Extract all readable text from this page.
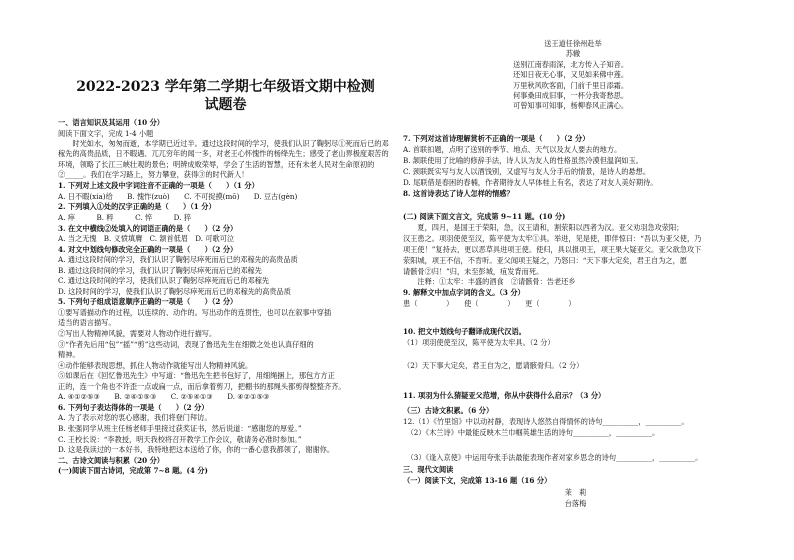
2022-2023 学年第二学期七年级语文期中检测
试题卷
一、语言知识及其运用（10 分）
阅读下面文字，完成 1-4 小题
　　时光如水，匆匆而逝，本学期已近过半。通过这段时间的学习，使我们认识了鞠躬尽①死而后已的邓稼先的高贵品质，日不暇遇、兀兀穷年的闻一多，对老王心怀愧怍的杨绛先生；感受了老山界极度艰苦的环境，领略了长江三峡壮观的景色；明辨成败荣辱，学会了生活的智慧，还有未老人民对生命原初的②_____。我们在学习路上，努力攀登，获得③的时代新人！
1. 下列对上述文段中字词注音不正确的一项是（　　）（1 分）
A. 日不暇(xia)给　　B. 愧怍(zuò)　　C. 不可捉摸(mō)　　D. 豆古(gèn)
2. 下列填入①处的汉字正确的是（　　）（1 分）
A. 瘁　　　B. 粹　　　C. 悴　　　D. 猝
3. 在文中横线②处填入的词语正确的是（　　）（2 分）
A. 当之无愧　B. 义愤填膺　C. 颔首低眉　D. 可歌可泣
4. 对文中划线句修改完全正确的一项是（　　）（2 分）
A. 通过这段时间的学习，我们认识了鞠躬尽瘁死而后已的邓稼先的高贵品质
B. 通过这段时间的学习，我们认识了鞠躬尽瘁死而后已的邓稼先
C. 通过这段时间的学习，使我们认识了鞠躬尽瘁死而后已的邓稼先
D. 这段时间的学习，使我们认识了鞠躬尽瘁死而后已的邓稼先的高贵品质
5. 下列句子组成语意顺序正确的一项是（　　）（2 分）
①要写谱描动作的过程，以连续的、动作的。写出动作的连贯性，也可以在叙事中穿插
适当的语言描写。
②写出人物精神风貌，需要对人物动作进行描写。
③“作者先后用“包”“摇”“剪”这些动词，表现了鲁迅先生在细微之处也认真仔细的
精神。
④动作能够表现思想，抓住人物动作就能写出人物精神风貌。
⑤如课后在《回忆鲁迅先生》中写道：“鲁迅先生把书包好了，用细绳捆上，那包方方正
正的，连一个角也不许歪一点或扁一点，而后拿着剪刀，把棚书的那绳头都剪得整整齐齐。
A. ④①②⑤③　　B. ②④①⑤③　　C. ②⑤④①③　　D. ④②①⑤③
6. 下列句子表达得体的一项是（　　）（2 分）
A. 为了表示对您的衷心感谢，我们将登门拜访。
B. 张强同学从班主任杨老师手里接过获奖证书，然后说道：“感谢您的厚爱。”
C. 王校长说：“李教授，明天我校将召开教学工作会议，敬请务必准时参加。”
D. 这是我读过的一本好书，我特地把这本送给了你，你的一番心意我都领了，谢谢你。
二、古诗文阅读与积累（20 分）
(一)阅读下面古诗词，完成第 7~8 题。(4 分)
送王道任徐州赴举
苏辙
送别江南春雨深，北方传入子知音。
还知日夜无心事，又见如来佛中莲。
万里秋风吹客面，门前千里日添霜。
何事桑田成旧事，一杯分我寄愁思。
可曾知事可知事，杨柳春风正满心。
7. 下列对这首诗理解赏析不正确的一项是（　　）（2 分）
A. 首联扣题，点明了送别的季节、地点、天气以及友人要去的地方。
B. 颔联使用了比喻的修辞手法，诗人认为友人的性格虽然冷漠但温润如玉。
C. 颈联既实写与友人以酒饯别，又虚写与友人分手后的情景，是诗人的悬想。
D. 尾联借是春困的春楠，作者期待友人早体桂上有名，表达了对友人美好期待。
8. 这首诗表达了诗人怎样的情感？
(二) 阅读下面文言文，完成第 9~11 题。(10 分)
　　夏，四月，是国王于荣阳，急，汉王请和，割荥阳以西者为汉。亚父劝羽急攻荥阳；
汉王患之。项羽使使至汉，陈平使为太牢①具。举进，见是使，即佯惊曰：“吾以为亚父使，乃
项王使！”复持去，更以恶草具进项王使。使归，具以报项王，项王果大疑亚父。亚父欲急攻下
荥阳城，项王不信，不肯听。亚父闻项王疑之，乃怒曰：“天下事大定矣，君王自为之，愿
请骸骨②归！”归，未至彭城，疽发背而死。
　　注释：①太牢：丰盛的酒食　②请骸骨：告老还乡
9. 解释文中加点字词的含义。（3 分）
患（　　　　）　　使（　　　　）　　更（　　　　）
10. 把文中划线句子翻译成现代汉语。
（1）项羽使使至汉，陈平使为太牢具。（2 分）
（2）天下事大定矣，君王自为之，愿请骸骨归。（2 分）
11. 项羽为什么猜疑亚父范增，你从中获得什么启示？（3 分）
（三）古诗文积累。（6 分）
12.（1）《竹里馆》中以动衬静，表现诗人悠然自得情怀的诗句__________，__________。
　（2）《木兰诗》中最能反映木兰巾帼英雄生活的诗句__________，__________。
　（3）《逢入京使》中运用夸张手法最能表现作者对家乡思念的诗句__________，__________。
三、现代文阅读
（一）阅读下文，完成第 13-16 题（16 分）
茉　莉
台落梅
